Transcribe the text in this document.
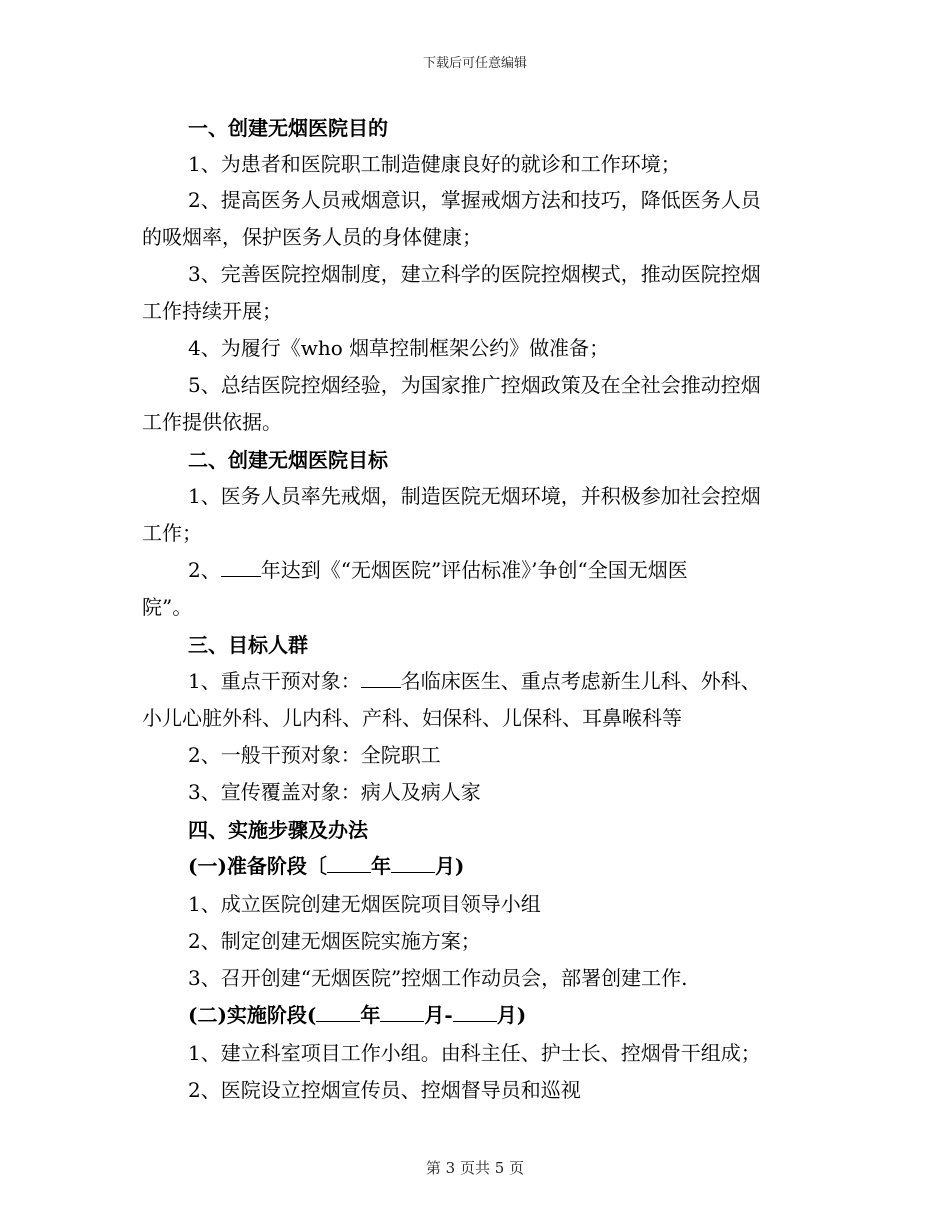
下载后可任意编辑
一、创建无烟医院目的
1、为患者和医院职工制造健康良好的就诊和工作环境；
2、提高医务人员戒烟意识，掌握戒烟方法和技巧，降低医务人员
的吸烟率，保护医务人员的身体健康；
3、完善医院控烟制度，建立科学的医院控烟楔式，推动医院控烟
工作持续开展；
4、为履行《who 烟草控制框架公约》做准备；
5、总结医院控烟经验，为国家推广控烟政策及在全社会推动控烟
工作提供依据。
二、创建无烟医院目标
1、医务人员率先戒烟，制造医院无烟环境，并积极参加社会控烟
工作；
2、 年达到《“无烟医院”评估标准》’争创“全国无烟医
院”。
三、目标人群
1、重点干预对象： 名临床医生、重点考虑新生儿科、外科、
小儿心脏外科、儿内科、产科、妇保科、儿保科、耳鼻喉科等
2、一般干预对象：全院职工
3、宣传覆盖对象：病人及病人家
四、实施步骤及办法
(一)准备阶段〔 年 月)
1、成立医院创建无烟医院项目领导小组
2、制定创建无烟医院实施方案；
3、召开创建“无烟医院”控烟工作动员会，部署创建工作.
(二)实施阶段( 年 月- 月)
1、建立科室项目工作小组。由科主任、护士长、控烟骨干组成；
2、医院设立控烟宣传员、控烟督导员和巡视
第 3 页共 5 页
